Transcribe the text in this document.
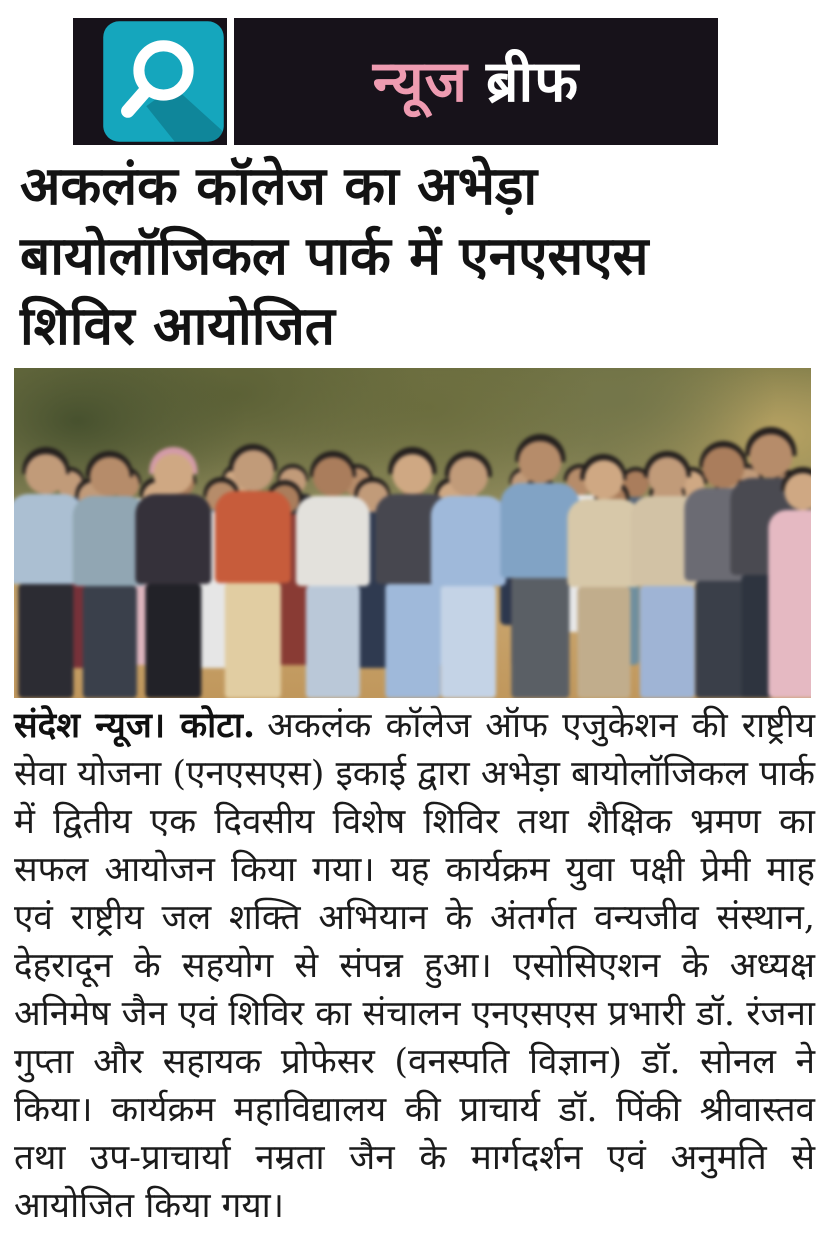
न्यूज ब्रीफ
अकलंक कॉलेज का अभेड़ा
बायोलॉजिकल पार्क में एनएसएस
शिविर आयोजित

संदेश न्यूज। कोटा. अकलंक कॉलेज ऑफ एजुकेशन की राष्ट्रीय सेवा योजना (एनएसएस) इकाई द्वारा अभेड़ा बायोलॉजिकल पार्क में द्वितीय एक दिवसीय विशेष शिविर तथा शैक्षिक भ्रमण का सफल आयोजन किया गया। यह कार्यक्रम युवा पक्षी प्रेमी माह एवं राष्ट्रीय जल शक्ति अभियान के अंतर्गत वन्यजीव संस्थान, देहरादून के सहयोग से संपन्न हुआ। एसोसिएशन के अध्यक्ष अनिमेष जैन एवं शिविर का संचालन एनएसएस प्रभारी डॉ. रंजना गुप्ता और सहायक प्रोफेसर (वनस्पति विज्ञान) डॉ. सोनल ने किया। कार्यक्रम महाविद्यालय की प्राचार्य डॉ. पिंकी श्रीवास्तव तथा उप-प्राचार्या नम्रता जैन के मार्गदर्शन एवं अनुमति से आयोजित किया गया।
